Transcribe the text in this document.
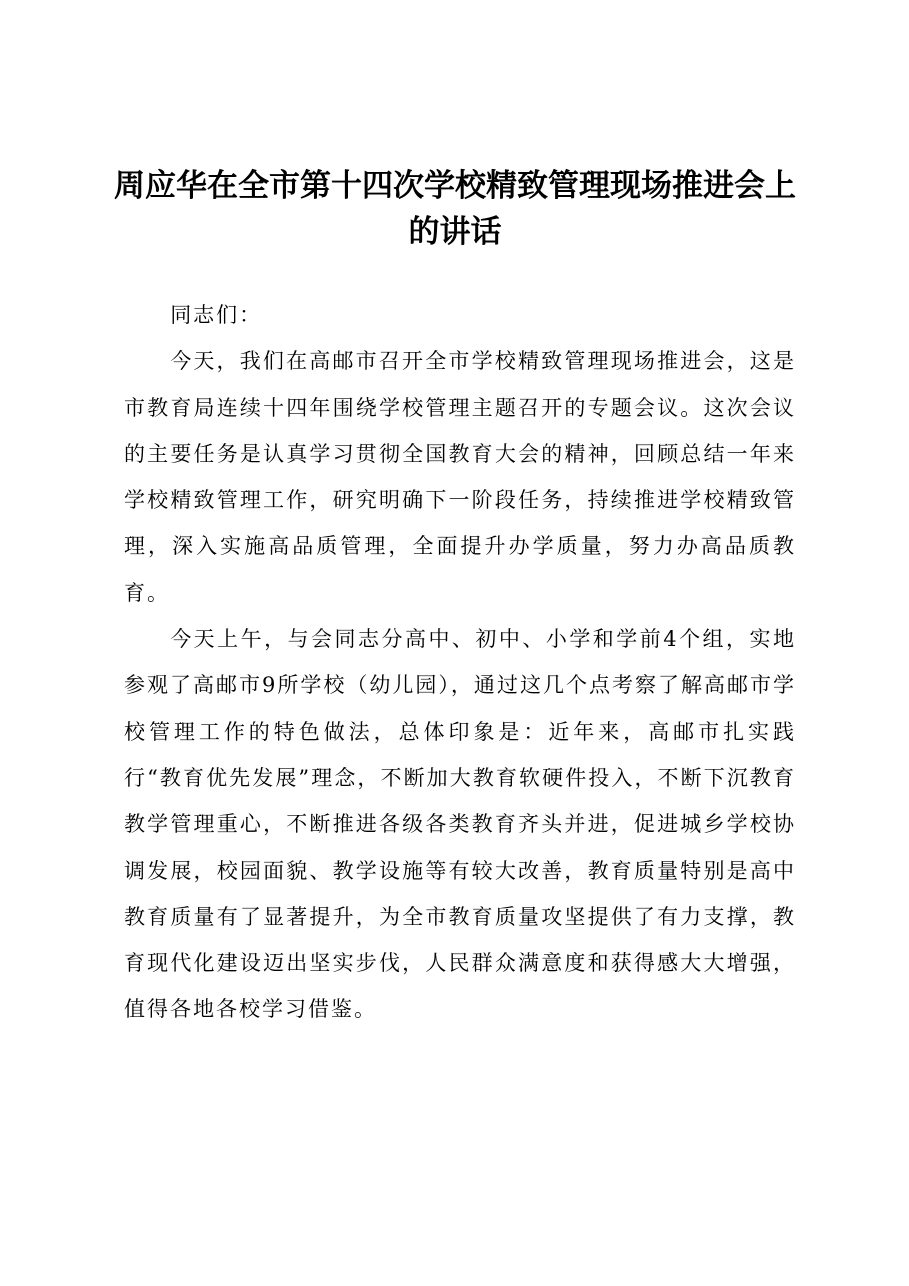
周应华在全市第十四次学校精致管理现场推进会上的讲话

同志们：

今天，我们在高邮市召开全市学校精致管理现场推进会，这是市教育局连续十四年围绕学校管理主题召开的专题会议。这次会议的主要任务是认真学习贯彻全国教育大会的精神，回顾总结一年来学校精致管理工作，研究明确下一阶段任务，持续推进学校精致管理，深入实施高品质管理，全面提升办学质量，努力办高品质教育。

今天上午，与会同志分高中、初中、小学和学前4个组，实地参观了高邮市9所学校（幼儿园），通过这几个点考察了解高邮市学校管理工作的特色做法，总体印象是：近年来，高邮市扎实践行“教育优先发展”理念，不断加大教育软硬件投入，不断下沉教育教学管理重心，不断推进各级各类教育齐头并进，促进城乡学校协调发展，校园面貌、教学设施等有较大改善，教育质量特别是高中教育质量有了显著提升，为全市教育质量攻坚提供了有力支撑，教育现代化建设迈出坚实步伐，人民群众满意度和获得感大大增强，值得各地各校学习借鉴。
